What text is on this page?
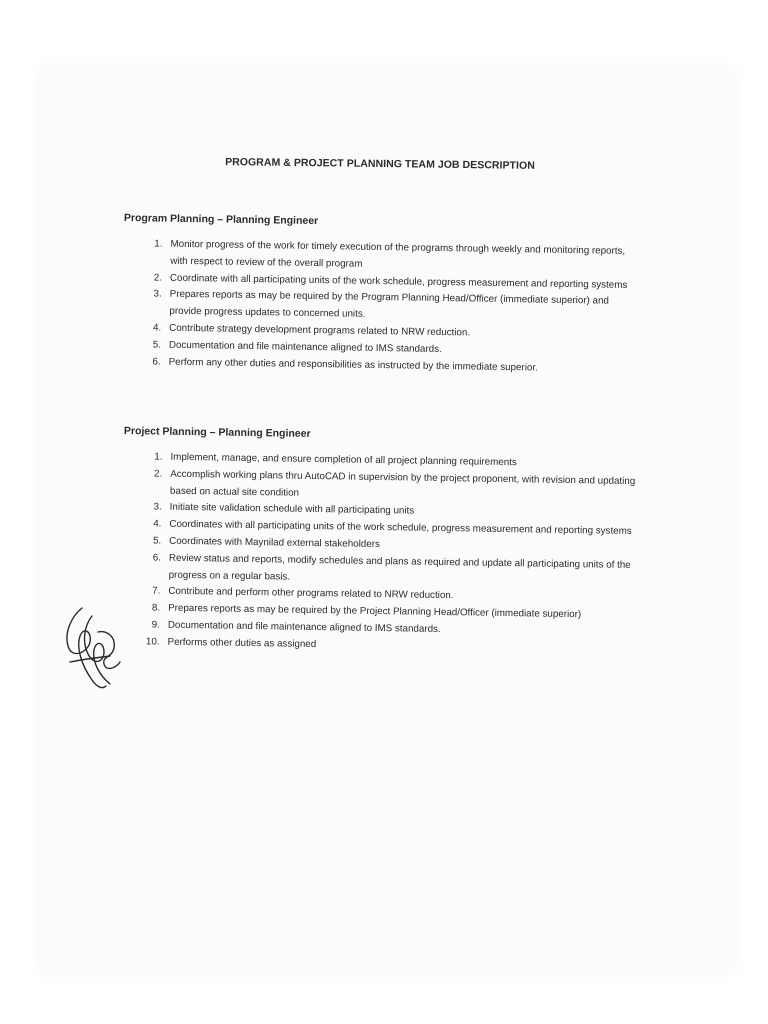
PROGRAM & PROJECT PLANNING TEAM JOB DESCRIPTION
Program Planning – Planning Engineer
1. Monitor progress of the work for timely execution of the programs through weekly and monitoring reports, with respect to review of the overall program
2. Coordinate with all participating units of the work schedule, progress measurement and reporting systems
3. Prepares reports as may be required by the Program Planning Head/Officer (immediate superior) and provide progress updates to concerned units.
4. Contribute strategy development programs related to NRW reduction.
5. Documentation and file maintenance aligned to IMS standards.
6. Perform any other duties and responsibilities as instructed by the immediate superior.
Project Planning – Planning Engineer
1. Implement, manage, and ensure completion of all project planning requirements
2. Accomplish working plans thru AutoCAD in supervision by the project proponent, with revision and updating based on actual site condition
3. Initiate site validation schedule with all participating units
4. Coordinates with all participating units of the work schedule, progress measurement and reporting systems
5. Coordinates with Maynilad external stakeholders
6. Review status and reports, modify schedules and plans as required and update all participating units of the progress on a regular basis.
7. Contribute and perform other programs related to NRW reduction.
8. Prepares reports as may be required by the Project Planning Head/Officer (immediate superior)
9. Documentation and file maintenance aligned to IMS standards.
10. Performs other duties as assigned
